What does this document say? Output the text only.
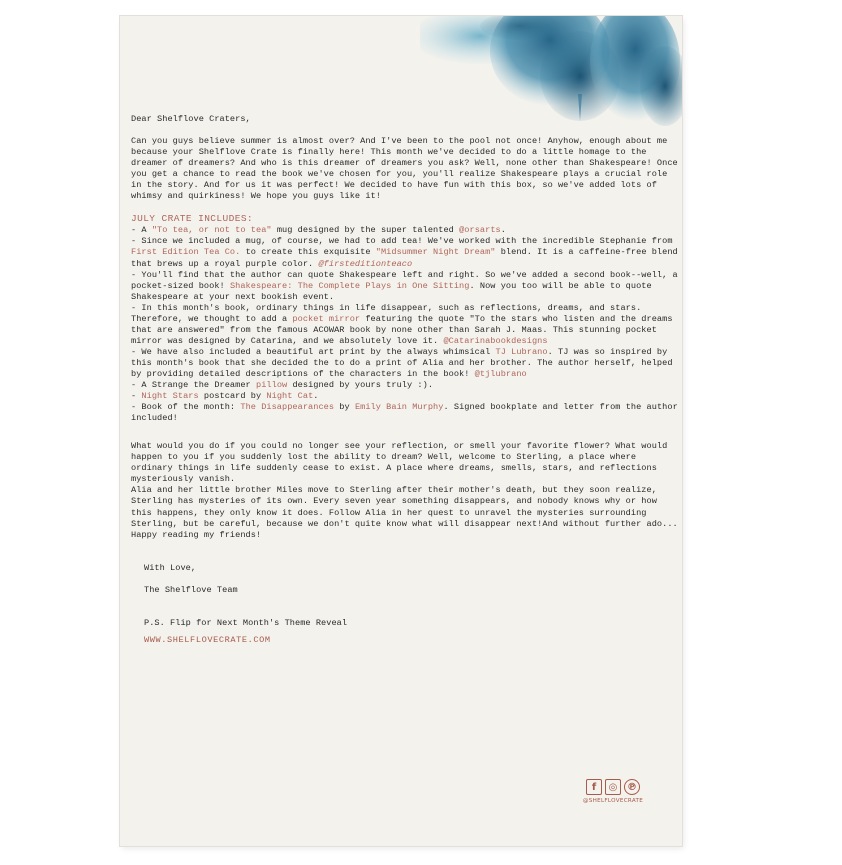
Dear Shelflove Craters,

Can you guys believe summer is almost over? And I've been to the pool not once! Anyhow, enough about me because your Shelflove Crate is finally here! This month we've decided to do a little homage to the dreamer of dreamers? And who is this dreamer of dreamers you ask? Well, none other than Shakespeare! Once you get a chance to read the book we've chosen for you, you'll realize Shakespeare plays a crucial role in the story. And for us it was perfect! We decided to have fun with this box, so we've added lots of whimsy and quirkiness! We hope you guys like it!

JULY CRATE INCLUDES:

- A "To tea, or not to tea" mug designed by the super talented @orsarts.

- Since we included a mug, of course, we had to add tea! We've worked with the incredible Stephanie from First Edition Tea Co. to create this exquisite "Midsummer Night Dream" blend. It is a caffeine-free blend that brews up a royal purple color. @firsteditionteaco

- You'll find that the author can quote Shakespeare left and right. So we've added a second book--well, a pocket-sized book! Shakespeare: The Complete Plays in One Sitting. Now you too will be able to quote Shakespeare at your next bookish event.

- In this month's book, ordinary things in life disappear, such as reflections, dreams, and stars. Therefore, we thought to add a pocket mirror featuring the quote "To the stars who listen and the dreams that are answered" from the famous ACOWAR book by none other than Sarah J. Maas. This stunning pocket mirror was designed by Catarina, and we absolutely love it. @Catarinabookdesigns

- We have also included a beautiful art print by the always whimsical TJ Lubrano. TJ was so inspired by this month's book that she decided the to do a print of Alia and her brother. The author herself, helped by providing detailed descriptions of the characters in the book! @tjlubrano

- A Strange the Dreamer pillow designed by yours truly :).

- Night Stars postcard by Night Cat.

- Book of the month: The Disappearances by Emily Bain Murphy. Signed bookplate and letter from the author included!

What would you do if you could no longer see your reflection, or smell your favorite flower? What would happen to you if you suddenly lost the ability to dream? Well, welcome to Sterling, a place where ordinary things in life suddenly cease to exist. A place where dreams, smells, stars, and reflections mysteriously vanish.

Alia and her little brother Miles move to Sterling after their mother's death, but they soon realize, Sterling has mysteries of its own. Every seven year something disappears, and nobody knows why or how this happens, they only know it does. Follow Alia in her quest to unravel the mysteries surrounding Sterling, but be careful, because we don't quite know what will disappear next!And without further ado... Happy reading my friends!

With Love,

The Shelflove Team

P.S. Flip for Next Month's Theme Reveal

WWW.SHELFLOVECRATE.COM

f	◎ ℗
@SHELFLOVECRATE
